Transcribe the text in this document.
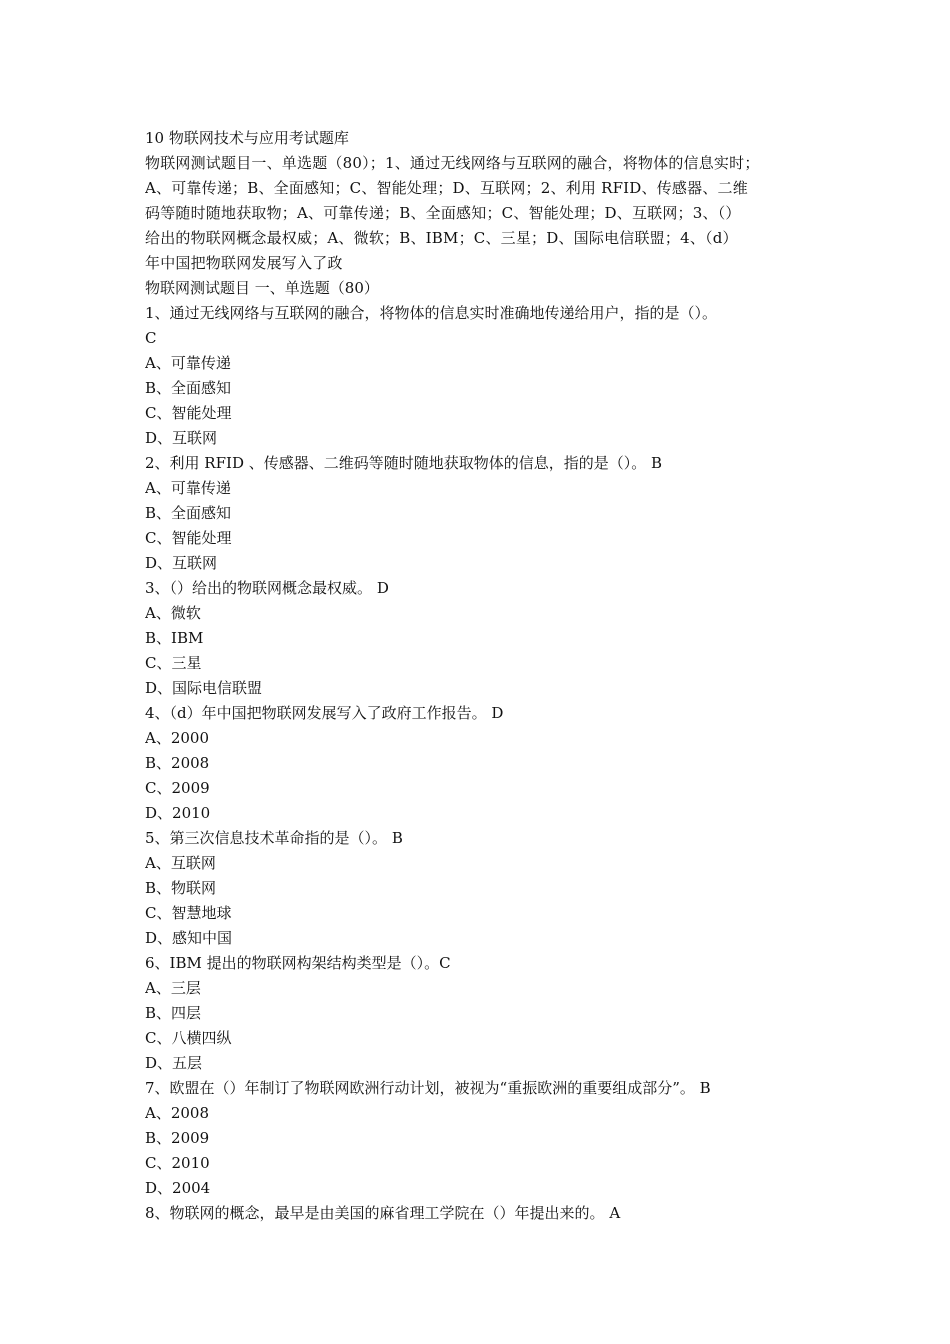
10 物联网技术与应用考试题库
物联网测试题目一、单选题（80）；1、通过无线网络与互联网的融合，将物体的信息实时；
A、可靠传递；B、全面感知；C、智能处理；D、互联网；2、利用 RFID、传感器、二维
码等随时随地获取物；A、可靠传递；B、全面感知；C、智能处理；D、互联网；3、（）
给出的物联网概念最权威；A、微软；B、IBM；C、三星；D、国际电信联盟；4、（d）
年中国把物联网发展写入了政
物联网测试题目 一、单选题（80）
1、通过无线网络与互联网的融合，将物体的信息实时准确地传递给用户，指的是（）。
C
A、可靠传递
B、全面感知
C、智能处理
D、互联网
2、利用 RFID 、传感器、二维码等随时随地获取物体的信息，指的是（）。 B
A、可靠传递
B、全面感知
C、智能处理
D、互联网
3、（）给出的物联网概念最权威。 D
A、微软
B、IBM
C、三星
D、国际电信联盟
4、（d）年中国把物联网发展写入了政府工作报告。 D
A、2000
B、2008
C、2009
D、2010
5、第三次信息技术革命指的是（）。 B
A、互联网
B、物联网
C、智慧地球
D、感知中国
6、IBM 提出的物联网构架结构类型是（）。C
A、三层
B、四层
C、八横四纵
D、五层
7、欧盟在（）年制订了物联网欧洲行动计划，被视为“重振欧洲的重要组成部分”。 B
A、2008
B、2009
C、2010
D、2004
8、物联网的概念，最早是由美国的麻省理工学院在（）年提出来的。 A
